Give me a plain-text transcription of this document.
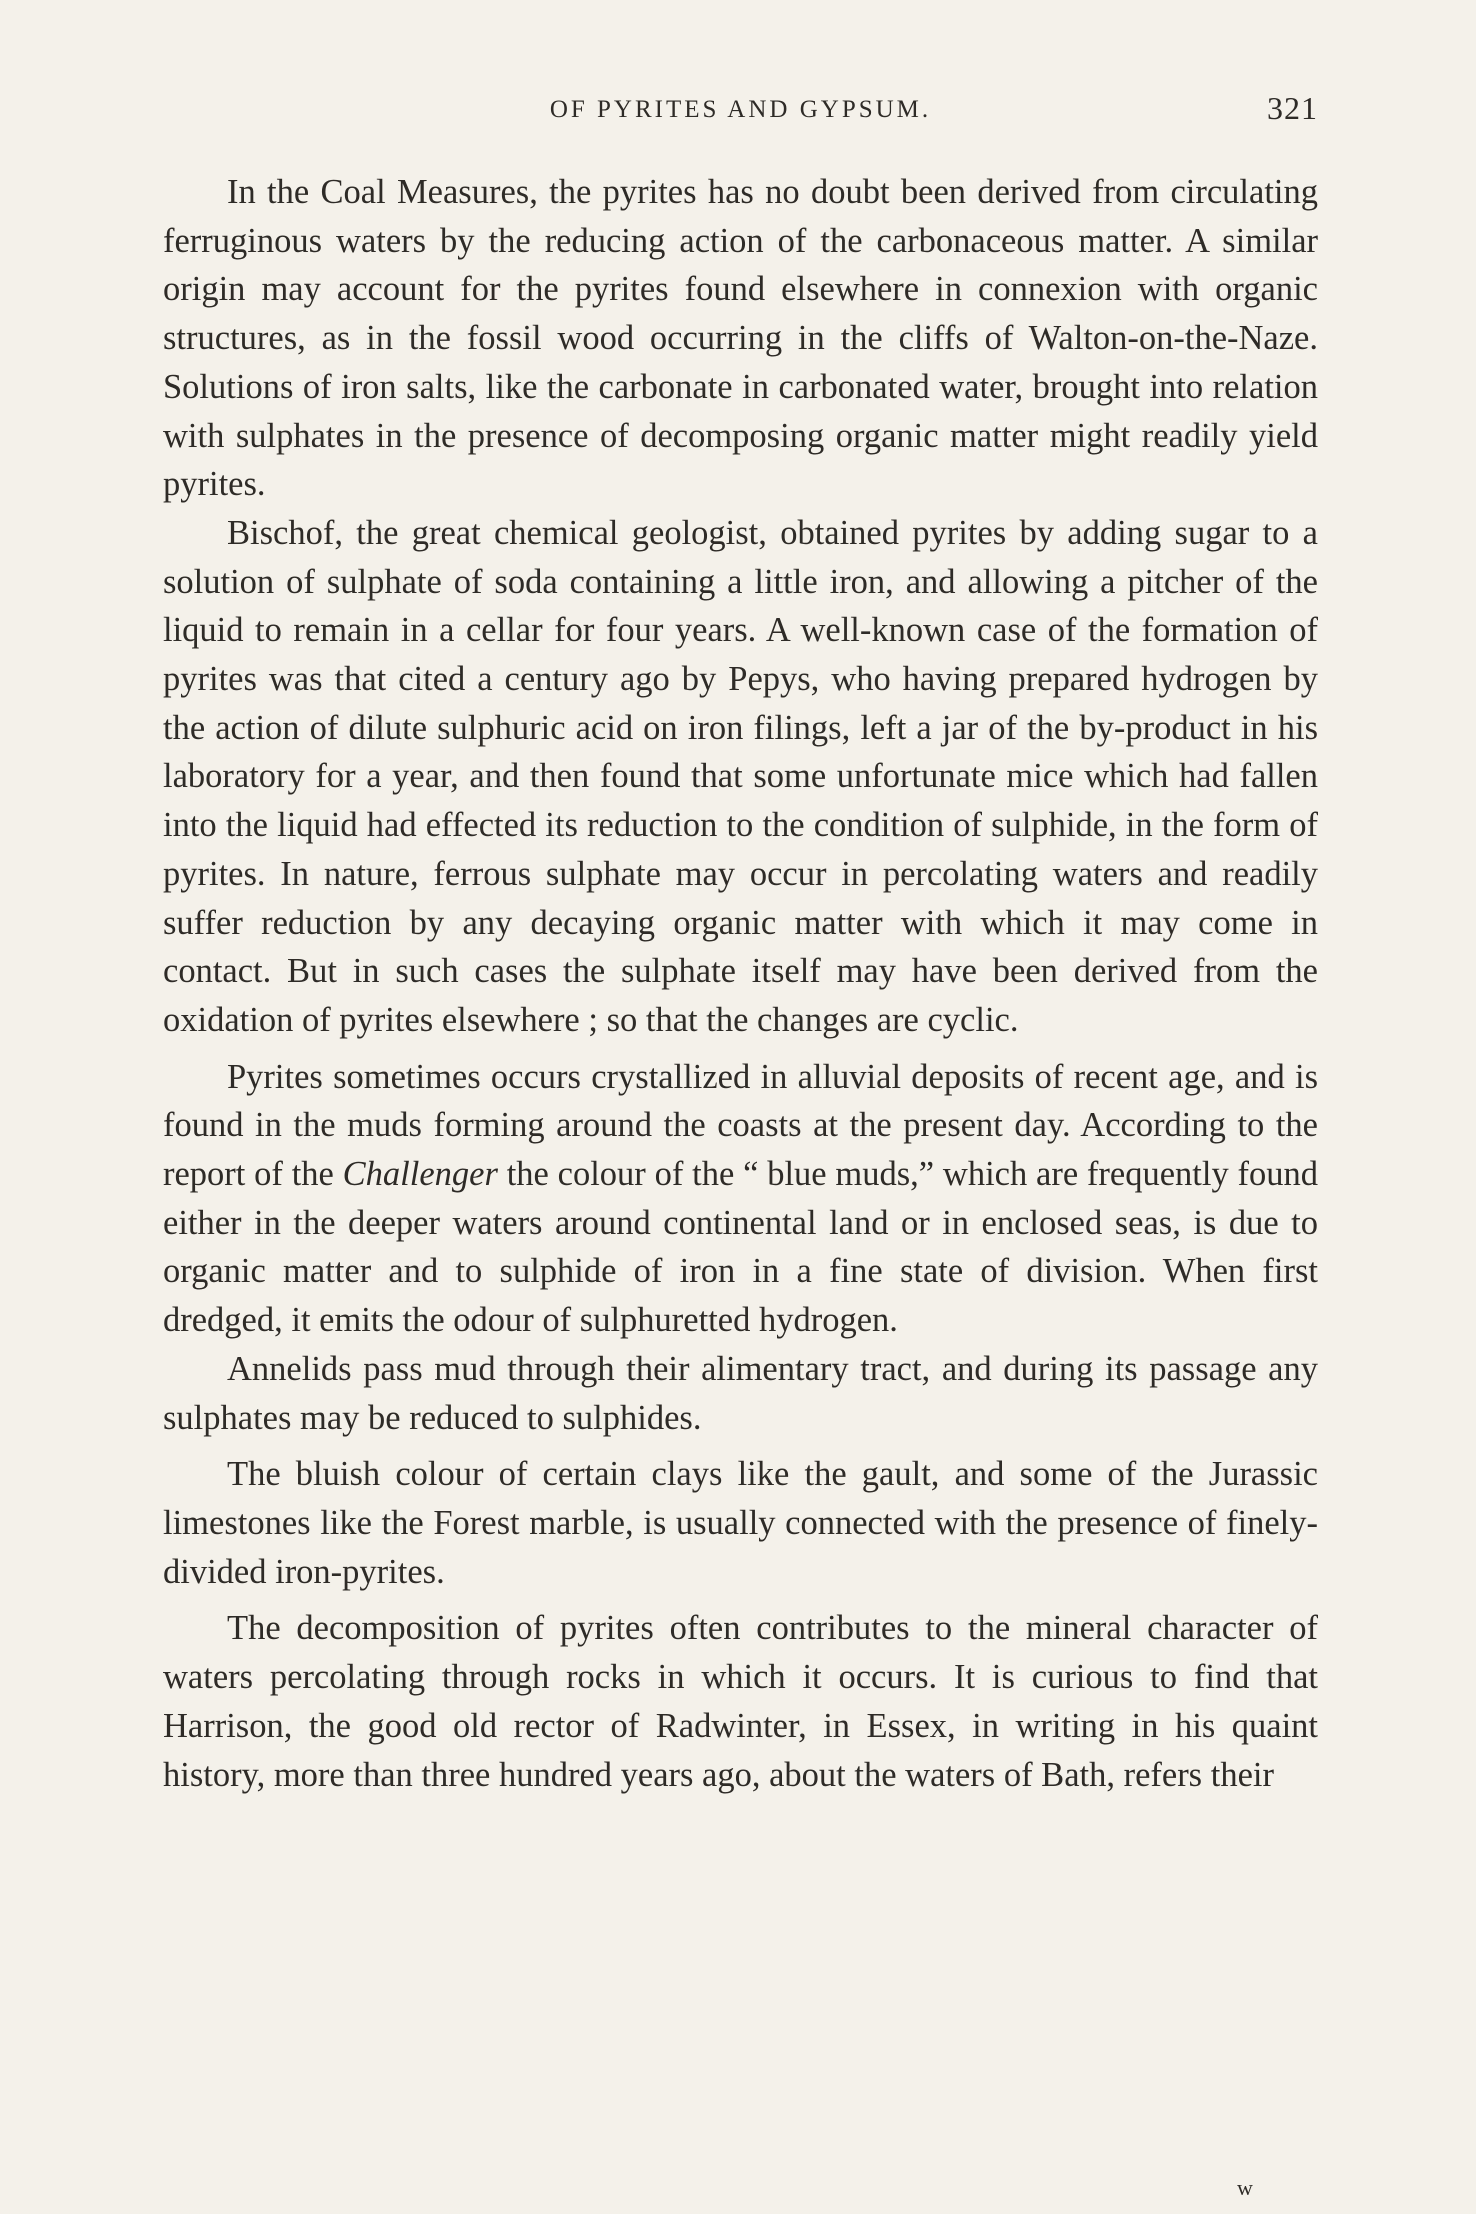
OF PYRITES AND GYPSUM.	321

In the Coal Measures, the pyrites has no doubt been derived from circulating ferruginous waters by the reducing action of the carbonaceous matter. A similar origin may account for the pyrites found elsewhere in connexion with organic structures, as in the fossil wood occurring in the cliffs of Walton-on-the-Naze. Solutions of iron salts, like the carbonate in carbonated water, brought into relation with sulphates in the presence of decomposing organic matter might readily yield pyrites.

Bischof, the great chemical geologist, obtained pyrites by adding sugar to a solution of sulphate of soda containing a little iron, and allowing a pitcher of the liquid to remain in a cellar for four years. A well-known case of the formation of pyrites was that cited a century ago by Pepys, who having prepared hydrogen by the action of dilute sulphuric acid on iron filings, left a jar of the by-product in his laboratory for a year, and then found that some unfortunate mice which had fallen into the liquid had effected its reduction to the condition of sulphide, in the form of pyrites. In nature, ferrous sulphate may occur in percolating waters and readily suffer reduction by any decaying organic matter with which it may come in contact. But in such cases the sulphate itself may have been derived from the oxidation of pyrites elsewhere ; so that the changes are cyclic.

Pyrites sometimes occurs crystallized in alluvial deposits of recent age, and is found in the muds forming around the coasts at the present day. According to the report of the Challenger the colour of the “ blue muds,” which are frequently found either in the deeper waters around continental land or in enclosed seas, is due to organic matter and to sulphide of iron in a fine state of division. When first dredged, it emits the odour of sulphuretted hydrogen.

Annelids pass mud through their alimentary tract, and during its passage any sulphates may be reduced to sulphides.

The bluish colour of certain clays like the gault, and some of the Jurassic limestones like the Forest marble, is usually connected with the presence of finely-divided iron-pyrites.

The decomposition of pyrites often contributes to the mineral character of waters percolating through rocks in which it occurs. It is curious to find that Harrison, the good old rector of Radwinter, in Essex, in writing in his quaint history, more than three hundred years ago, about the waters of Bath, refers their

w
